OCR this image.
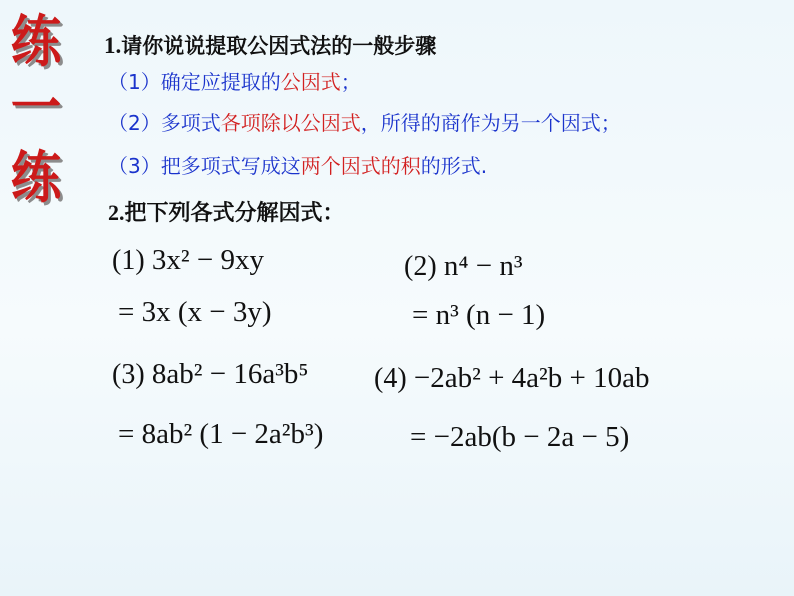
练
一
练
1.请你说说提取公因式法的一般步骤
（1）确定应提取的公因式；
（2）多项式各项除以公因式，所得的商作为另一个因式；
（3）把多项式写成这两个因式的积的形式.
2.把下列各式分解因式：
(1) 3x² − 9xy
= 3x (x − 3y)
(2) n⁴ − n³
= n³ (n − 1)
(3) 8ab² − 16a³b⁵
= 8ab² (1 − 2a²b³)
(4) −2ab² + 4a²b + 10ab
= −2ab(b − 2a − 5)
